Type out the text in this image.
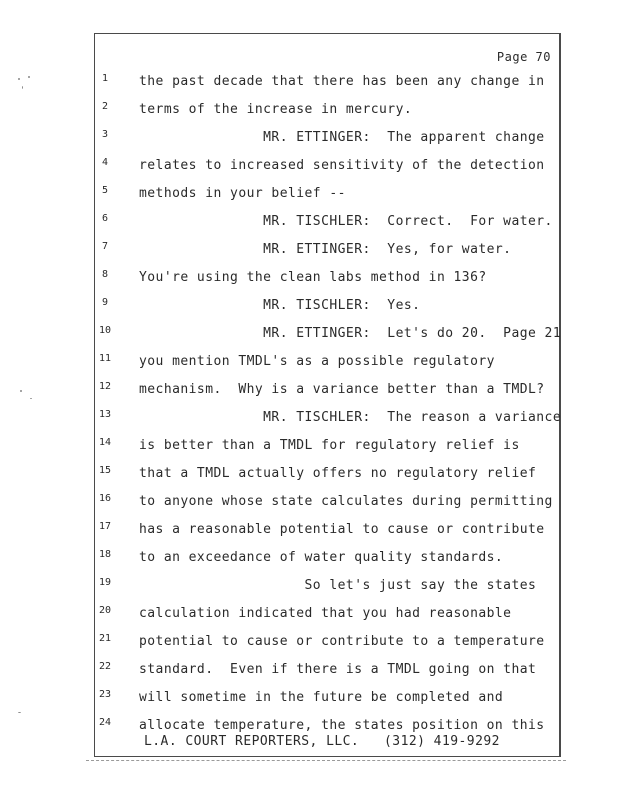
Page 70
1	the past decade that there has been any change in
2	terms of the increase in mercury.
3	MR. ETTINGER:  The apparent change
4	relates to increased sensitivity of the detection
5	methods in your belief --
6	MR. TISCHLER:  Correct.  For water.
7	MR. ETTINGER:  Yes, for water.
8	You're using the clean labs method in 136?
9	MR. TISCHLER:  Yes.
10	MR. ETTINGER:  Let's do 20.  Page 21
11	you mention TMDL's as a possible regulatory
12	mechanism.  Why is a variance better than a TMDL?
13	MR. TISCHLER:  The reason a variance
14	is better than a TMDL for regulatory relief is
15	that a TMDL actually offers no regulatory relief
16	to anyone whose state calculates during permitting
17	has a reasonable potential to cause or contribute
18	to an exceedance of water quality standards.
19	So let's just say the states
20	calculation indicated that you had reasonable
21	potential to cause or contribute to a temperature
22	standard.  Even if there is a TMDL going on that
23	will sometime in the future be completed and
24	allocate temperature, the states position on this
L.A. COURT REPORTERS, LLC.   (312) 419-9292
